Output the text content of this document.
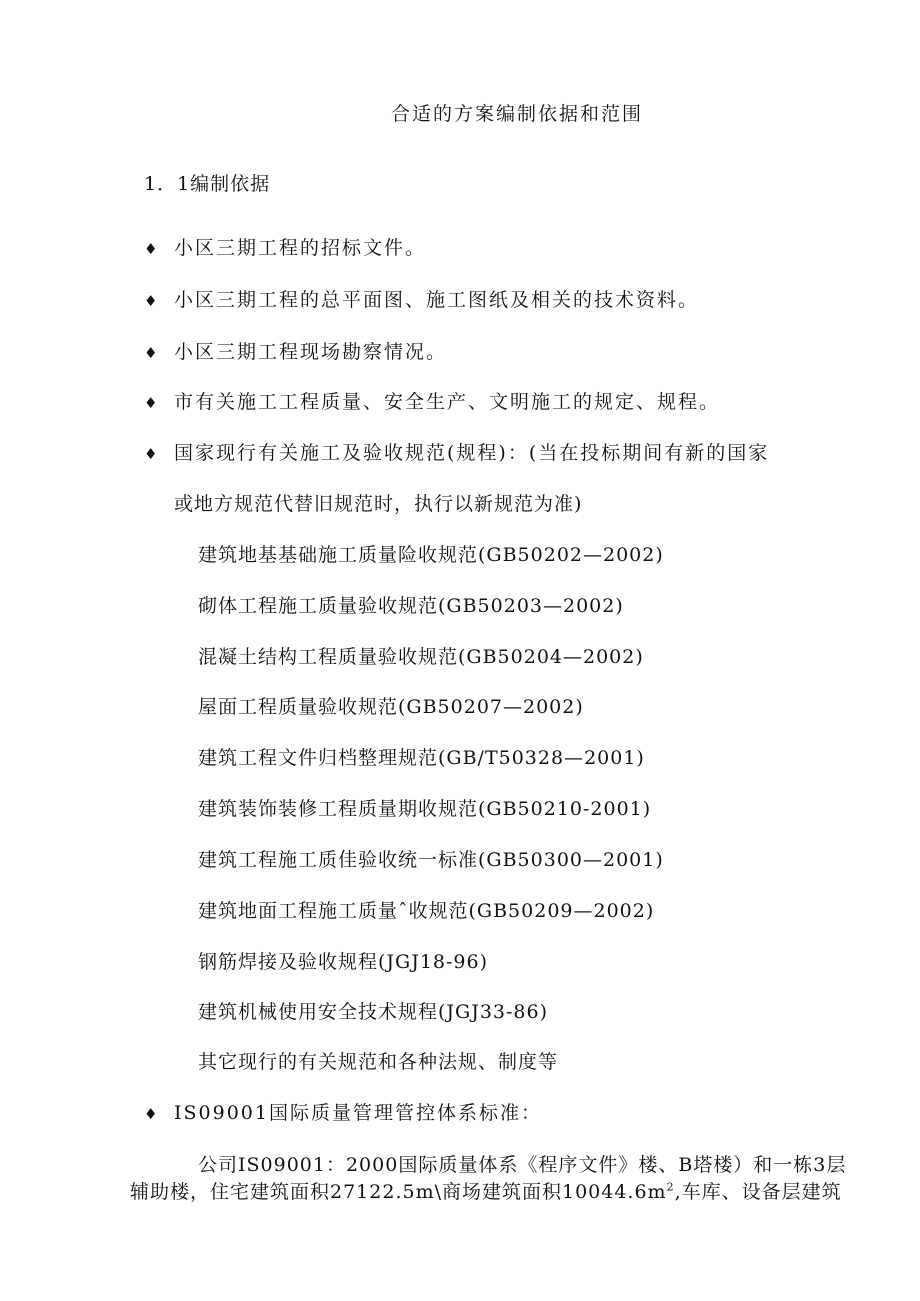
合适的方案编制依据和范围
1．1编制依据
♦ 小区三期工程的招标文件。
♦ 小区三期工程的总平面图、施工图纸及相关的技术资料。
♦ 小区三期工程现场勘察情况。
♦ 市有关施工工程质量、安全生产、文明施工的规定、规程。
♦ 国家现行有关施工及验收规范(规程)：(当在投标期间有新的国家
或地方规范代替旧规范时，执行以新规范为准)
建筑地基基础施工质量险收规范(GB50202—2002)
砌体工程施工质量验收规范(GB50203—2002)
混凝土结构工程质量验收规范(GB50204—2002)
屋面工程质量验收规范(GB50207—2002)
建筑工程文件归档整理规范(GB/T50328—2001)
建筑装饰装修工程质量期收规范(GB50210-2001)
建筑工程施工质佳验收统一标准(GB50300—2001)
建筑地面工程施工质量ˆ收规范(GB50209—2002)
钢筋焊接及验收规程(JGJ18-96)
建筑机械使用安全技术规程(JGJ33-86)
其它现行的有关规范和各种法规、制度等
♦ IS09001国际质量管理管控体系标准：
公司IS09001：2000国际质量体系《程序文件》楼、B塔楼）和一栋3层
辅助楼，住宅建筑面积27122.5m\商场建筑面积$10044.6m^2$,车库、设备层建筑
